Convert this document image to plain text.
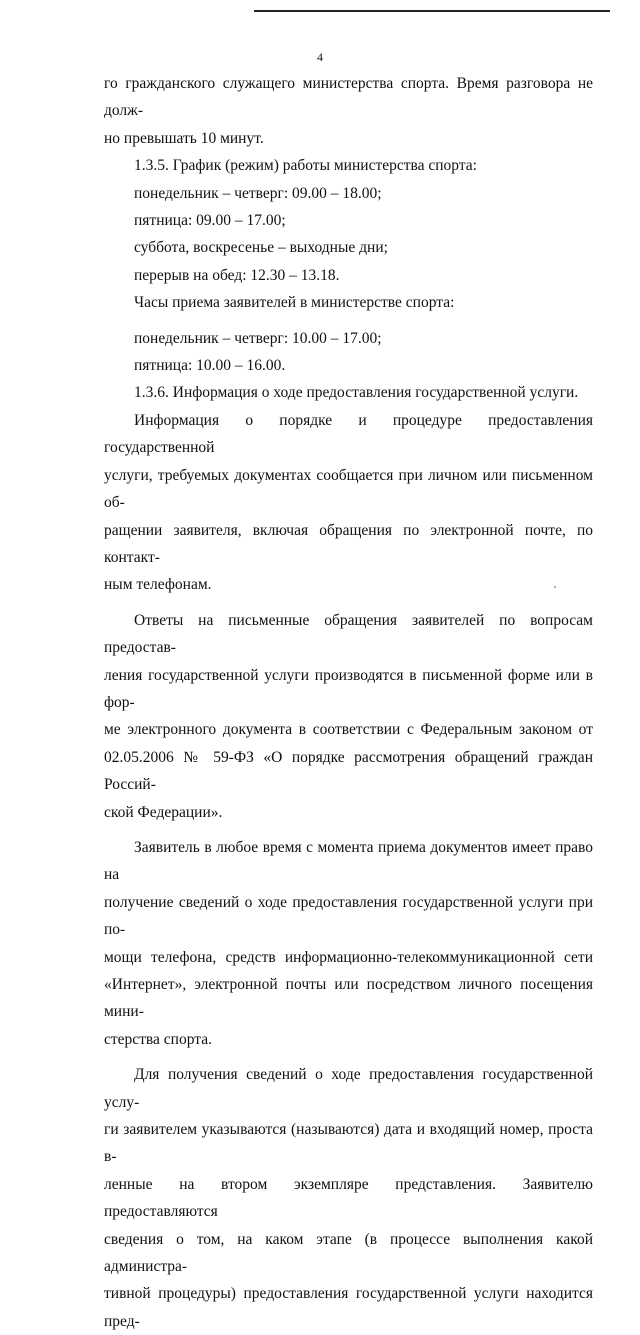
4

го гражданского служащего министерства спорта. Время разговора не долж-

но превышать 10 минут.

1.3.5. График (режим) работы министерства спорта:

понедельник – четверг: 09.00 – 18.00;

пятница: 09.00 – 17.00;

суббота, воскресенье – выходные дни;

перерыв на обед: 12.30 – 13.18.

Часы приема заявителей в министерстве спорта:

понедельник – четверг: 10.00 – 17.00;

пятница: 10.00 – 16.00.

1.3.6. Информация о ходе предоставления государственной услуги.

Информация о порядке и процедуре предоставления государственной

услуги, требуемых документах сообщается при личном или письменном об-

ращении заявителя, включая обращения по электронной почте, по контакт-

ным телефонам.

Ответы на письменные обращения заявителей по вопросам предостав-

ления государственной услуги производятся в письменной форме или в фор-

ме электронного документа в соответствии с Федеральным законом от

02.05.2006 № 59-ФЗ «О порядке рассмотрения обращений граждан Россий-

ской Федерации».

Заявитель в любое время с момента приема документов имеет право на

получение сведений о ходе предоставления государственной услуги при по-

мощи телефона, средств информационно-телекоммуникационной сети

«Интернет», электронной почты или посредством личного посещения мини-

стерства спорта.

Для получения сведений о ходе предоставления государственной услу-

ги заявителем указываются (называются) дата и входящий номер, проста в-

ленные на втором экземпляре представления. Заявителю предоставляются

сведения о том, на каком этапе (в процессе выполнения какой администра-

тивной процедуры) предоставления государственной услуги находится пред-
